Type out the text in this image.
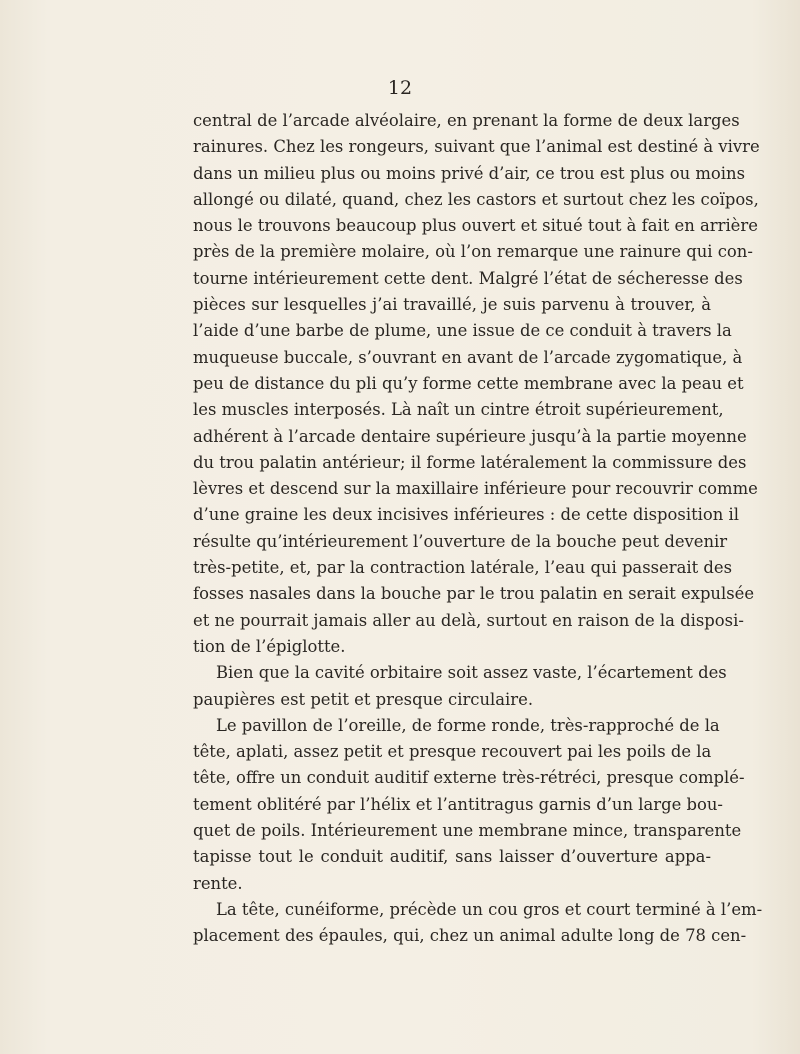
12
central de l’arcade alvéolaire, en prenant la forme de deux larges
rainures. Chez les rongeurs, suivant que l’animal est destiné à vivre
dans un milieu plus ou moins privé d’air, ce trou est plus ou moins
allongé ou dilaté, quand, chez les castors et surtout chez les coïpos,
nous le trouvons beaucoup plus ouvert et situé tout à fait en arrière
près de la première molaire, où l’on remarque une rainure qui con-
tourne intérieurement cette dent. Malgré l’état de sécheresse des
pièces sur lesquelles j’ai travaillé, je suis parvenu à trouver, à
l’aide d’une barbe de plume, une issue de ce conduit à travers la
muqueuse buccale, s’ouvrant en avant de l’arcade zygomatique, à
peu de distance du pli qu’y forme cette membrane avec la peau et
les muscles interposés. Là naît un cintre étroit supérieurement,
adhérent à l’arcade dentaire supérieure jusqu’à la partie moyenne
du trou palatin antérieur; il forme latéralement la commissure des
lèvres et descend sur la maxillaire inférieure pour recouvrir comme
d’une graine les deux incisives inférieures : de cette disposition il
résulte qu’intérieurement l’ouverture de la bouche peut devenir
très-petite, et, par la contraction latérale, l’eau qui passerait des
fosses nasales dans la bouche par le trou palatin en serait expulsée
et ne pourrait jamais aller au delà, surtout en raison de la disposi-
tion de l’épiglotte.
Bien que la cavité orbitaire soit assez vaste, l’écartement des
paupières est petit et presque circulaire.
Le pavillon de l’oreille, de forme ronde, très-rapproché de la
tête, aplati, assez petit et presque recouvert pai les poils de la
tête, offre un conduit auditif externe très-rétréci, presque complé-
tement oblitéré par l’hélix et l’antitragus garnis d’un large bou-
quet de poils. Intérieurement une membrane mince, transparente
tapisse tout le conduit auditif, sans laisser d’ouverture appa-
rente.
La tête, cunéiforme, précède un cou gros et court terminé à l’em-
placement des épaules, qui, chez un animal adulte long de 78 cen-
